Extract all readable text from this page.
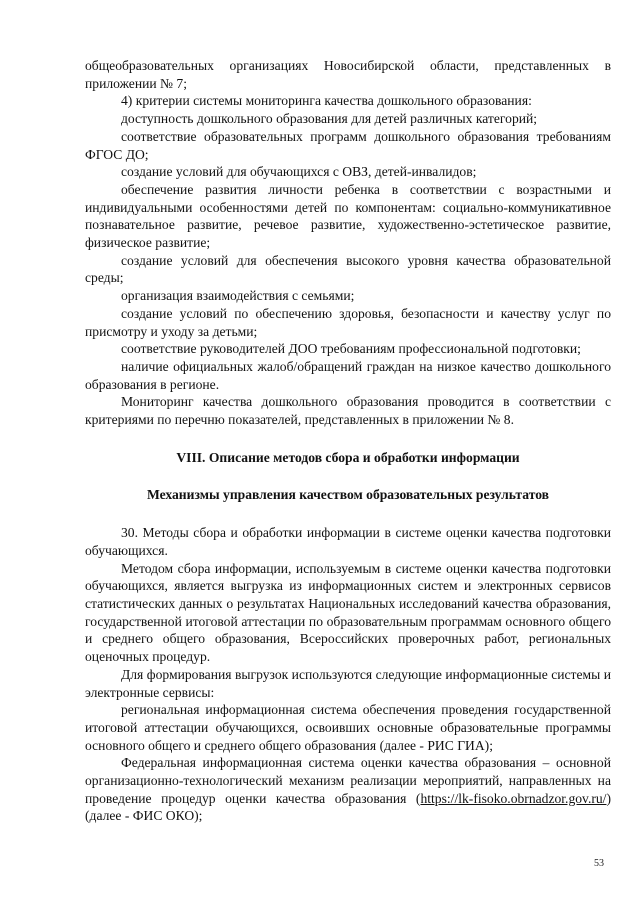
общеобразовательных организациях Новосибирской области, представленных в приложении № 7;

4) критерии системы мониторинга качества дошкольного образования:

доступность дошкольного образования для детей различных категорий;

соответствие образовательных программ дошкольного образования требованиям ФГОС ДО;

создание условий для обучающихся с ОВЗ, детей-инвалидов;

обеспечение развития личности ребенка в соответствии с возрастными и индивидуальными особенностями детей по компонентам: социально-коммуникативное познавательное развитие, речевое развитие, художественно-эстетическое развитие, физическое развитие;

создание условий для обеспечения высокого уровня качества образовательной среды;

организация взаимодействия с семьями;

создание условий по обеспечению здоровья, безопасности и качеству услуг по присмотру и уходу за детьми;

соответствие руководителей ДОО требованиям профессиональной подготовки;

наличие официальных жалоб/обращений граждан на низкое качество дошкольного образования в регионе.

Мониторинг качества дошкольного образования проводится в соответствии с критериями по перечню показателей, представленных в приложении № 8.

VIII. Описание методов сбора и обработки информации
Механизмы управления качеством образовательных результатов

30. Методы сбора и обработки информации в системе оценки качества подготовки обучающихся.

Методом сбора информации, используемым в системе оценки качества подготовки обучающихся, является выгрузка из информационных систем и электронных сервисов статистических данных о результатах Национальных исследований качества образования, государственной итоговой аттестации по образовательным программам основного общего и среднего общего образования, Всероссийских проверочных работ, региональных оценочных процедур.

Для формирования выгрузок используются следующие информационные системы и электронные сервисы:

региональная информационная система обеспечения проведения государственной итоговой аттестации обучающихся, освоивших основные образовательные программы основного общего и среднего общего образования (далее - РИС ГИА);

Федеральная информационная система оценки качества образования – основной организационно-технологический механизм реализации мероприятий, направленных на проведение процедур оценки качества образования (https://lk-fisoko.obrnadzor.gov.ru/)(далее - ФИС ОКО);

53
